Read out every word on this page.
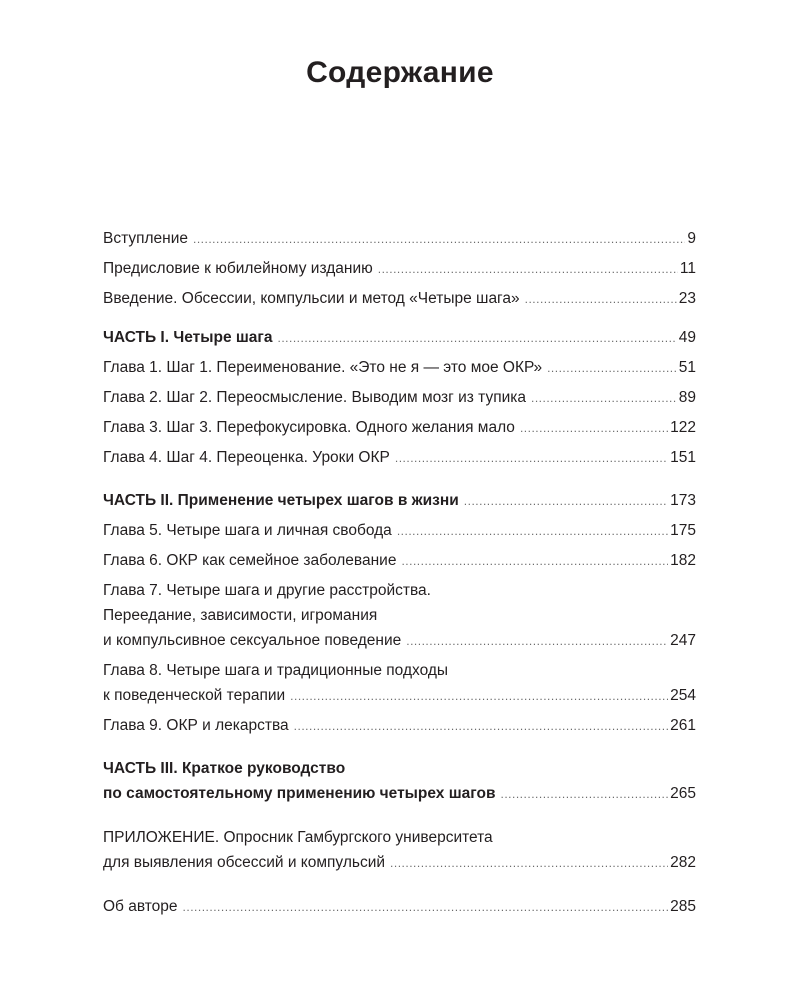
Содержание
Вступление .....	9
Предисловие к юбилейному изданию .....	11
Введение. Обсессии, компульсии и метод «Четыре шага» .....	23
ЧАСТЬ I. Четыре шага .....	49
Глава 1. Шаг 1. Переименование. «Это не я — это мое ОКР» .....	51
Глава 2. Шаг 2. Переосмысление. Выводим мозг из тупика .....	89
Глава 3. Шаг 3. Перефокусировка. Одного желания мало .....	122
Глава 4. Шаг 4. Переоценка. Уроки ОКР .....	151
ЧАСТЬ II. Применение четырех шагов в жизни .....	173
Глава 5. Четыре шага и личная свобода .....	175
Глава 6. ОКР как семейное заболевание .....	182
Глава 7. Четыре шага и другие расстройства.
Переедание, зависимости, игромания
и компульсивное сексуальное поведение .....	247
Глава 8. Четыре шага и традиционные подходы
к поведенческой терапии .....	254
Глава 9. ОКР и лекарства .....	261
ЧАСТЬ III. Краткое руководство
по самостоятельному применению четырех шагов .....	265
ПРИЛОЖЕНИЕ. Опросник Гамбургского университета
для выявления обсессий и компульсий .....	282
Об авторе .....	285
